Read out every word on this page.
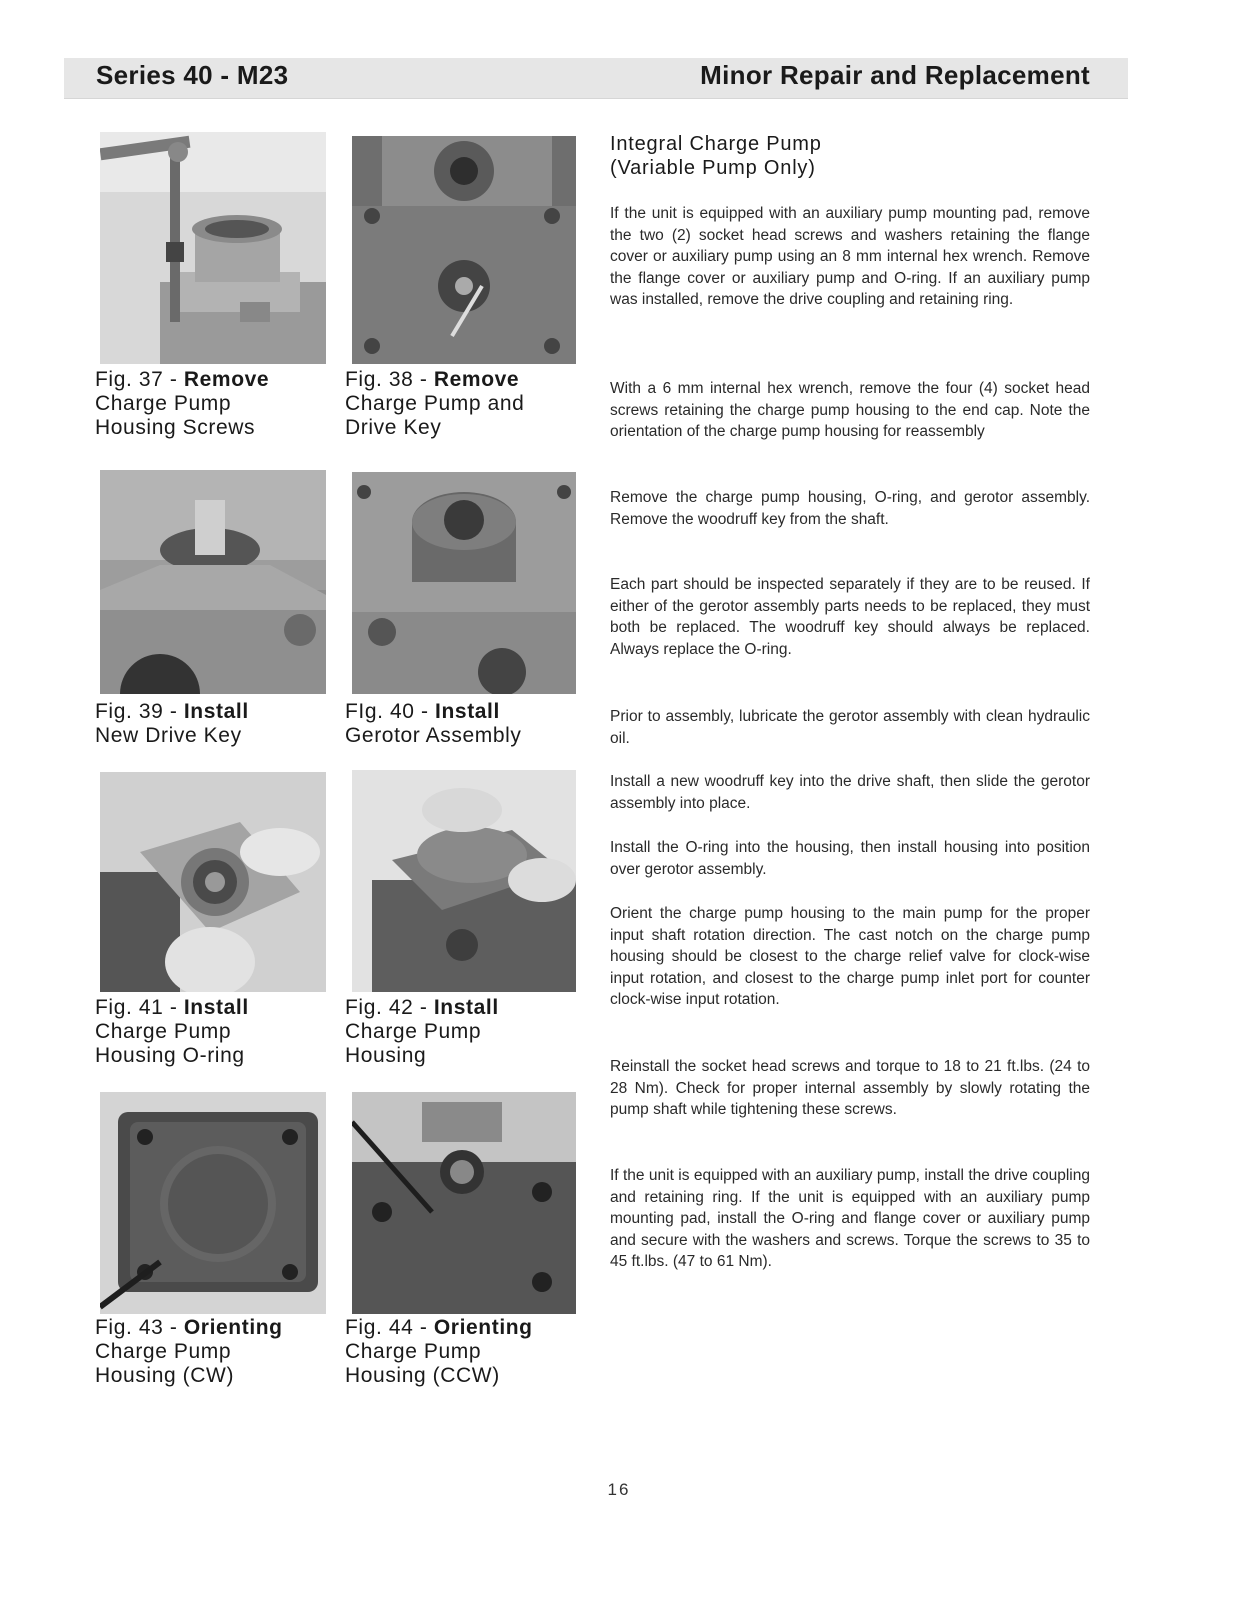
Series 40 - M23	Minor Repair and Replacement
Fig. 37 - Remove
Charge Pump
Housing Screws
Fig. 38 - Remove
Charge Pump and
Drive Key
Fig. 39 - Install
New Drive Key
FIg. 40 - Install
Gerotor Assembly
Fig. 41 - Install
Charge Pump
Housing O-ring
Fig. 42 - Install
Charge Pump
Housing
Fig. 43 - Orienting
Charge Pump
Housing (CW)
Fig. 44 - Orienting
Charge Pump
Housing (CCW)
Integral Charge Pump
(Variable Pump Only)

If the unit is equipped with an auxiliary pump mounting pad, remove the two (2) socket head screws and washers retaining the flange cover or auxiliary pump using an 8 mm internal hex wrench. Remove the flange cover or auxiliary pump and O-ring. If an auxiliary pump was installed, remove the drive coupling and retaining ring.

With a 6 mm internal hex wrench, remove the four (4) socket head screws retaining the charge pump housing to the end cap. Note the orientation of the charge pump housing for reassembly

Remove the charge pump housing, O-ring, and gerotor assembly. Remove the woodruff key from the shaft.

Each part should be inspected separately if they are to be reused. If either of the gerotor assembly parts needs to be replaced, they must both be replaced. The woodruff key should always be replaced. Always replace the O-ring.

Prior to assembly, lubricate the gerotor assembly with clean hydraulic oil.

Install a new woodruff key into the drive shaft, then slide the gerotor assembly into place.

Install the O-ring into the housing, then install housing into position over gerotor assembly.

Orient the charge pump housing to the main pump for the proper input shaft rotation direction. The cast notch on the charge pump housing should be closest to the charge relief valve for clock-wise input rotation, and closest to the charge pump inlet port for counter clock-wise input rotation.

Reinstall the socket head screws and torque to 18 to 21 ft.lbs. (24 to 28 Nm). Check for proper internal assembly by slowly rotating the pump shaft while tightening these screws.

If the unit is equipped with an auxiliary pump, install the drive coupling and retaining ring. If the unit is equipped with an auxiliary pump mounting pad, install the O-ring and flange cover or auxiliary pump and secure with the washers and screws. Torque the screws to 35 to 45 ft.lbs. (47 to 61 Nm).

16
